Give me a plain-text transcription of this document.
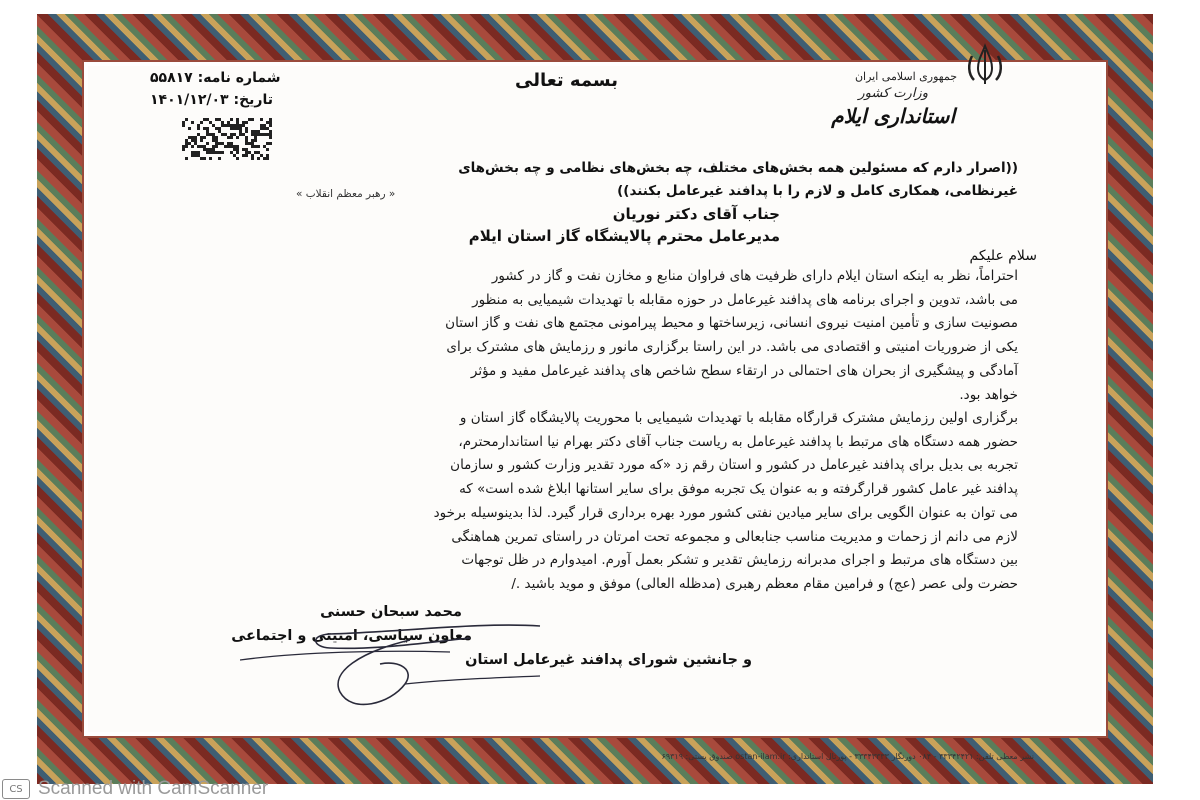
جمهوری اسلامی ایران
وزارت کشور
استانداری ایلام
بسمه تعالی
شماره نامه: ۵۵۸۱۷
تاریخ: ۱۴۰۱/۱۲/۰۳
((اصرار دارم که مسئولین همه بخش‌های مختلف، چه بخش‌های نظامی و چه بخش‌های
غیرنظامی، همکاری کامل و لازم را با پدافند غیرعامل بکنند))
« رهبر معظم انقلاب »
جناب آقای دکتر نوریان
مدیرعامل محترم پالایشگاه گاز استان ایلام
سلام علیکم
احتراماً، نظر به اینکه استان ایلام دارای ظرفیت های فراوان منابع و مخازن نفت و گاز در کشور
می باشد، تدوین و اجرای برنامه های پدافند غیرعامل در حوزه مقابله با تهدیدات شیمیایی به منظور
مصونیت سازی و تأمین امنیت نیروی انسانی، زیرساختها و محیط پیرامونی مجتمع های نفت و گاز استان
یکی از ضروریات امنیتی و اقتصادی می باشد. در این راستا برگزاری مانور و رزمایش های مشترک برای
آمادگی و پیشگیری از بحران های احتمالی در ارتقاء سطح شاخص های پدافند غیرعامل مفید و مؤثر
خواهد بود.
برگزاری اولین رزمایش مشترک قرارگاه مقابله با تهدیدات شیمیایی با محوریت پالایشگاه گاز استان و
حضور همه دستگاه های مرتبط با پدافند غیرعامل به ریاست جناب آقای دکتر بهرام نیا استاندارمحترم،
تجربه بی بدیل برای پدافند غیرعامل در کشور و استان رقم زد «که مورد تقدیر وزارت کشور و سازمان
پدافند غیر عامل کشور قرارگرفته و به عنوان یک تجربه موفق برای سایر استانها ابلاغ شده است» که
می توان به عنوان الگویی برای سایر میادین نفتی کشور مورد بهره برداری قرار گیرد. لذا بدینوسیله برخود
لازم می دانم از زحمات و مدیریت مناسب جنابعالی و مجموعه تحت امرتان در راستای تمرین هماهنگی
بین دستگاه های مرتبط و اجرای مدبرانه رزمایش تقدیر و تشکر بعمل آورم. امیدوارم در ظل توجهات
حضرت ولی عصر (عج) و فرامین مقام معظم رهبری (مدظله العالی) موفق و موید باشید ./
محمد سبحان حسنی
معاون سیاسی، امنیتی و اجتماعی
و جانشین شورای پدافند غیرعامل استان
نشر معطی تلفن: ۳۳۳۴۲۴۲۱ - ۰۸۴ دورنگار ۳۳۳۴۳۳۳۳ - پورتال استانداری: ostan-ilam.ir صندوق پستی: ۶۹۳۱۹
CS Scanned with CamScanner
